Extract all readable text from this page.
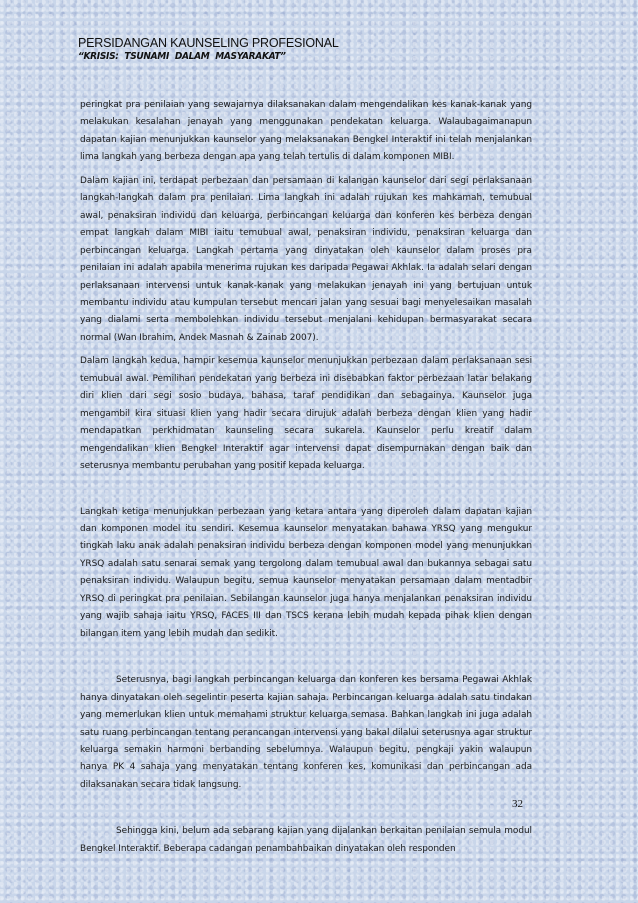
PERSIDANGAN KAUNSELING PROFESIONAL
“KRISIS: TSUNAMI DALAM MASYARAKAT”

peringkat pra penilaian yang sewajarnya dilaksanakan dalam mengendalikan kes kanak-kanak yang melakukan kesalahan jenayah yang menggunakan pendekatan keluarga. Walaubagaimanapun dapatan kajian menunjukkan kaunselor yang melaksanakan Bengkel Interaktif ini telah menjalankan lima langkah yang berbeza dengan apa yang telah tertulis di dalam komponen MIBI.

Dalam kajian ini, terdapat perbezaan dan persamaan di kalangan kaunselor dari segi perlaksanaan langkah-langkah dalam pra penilaian. Lima langkah ini adalah rujukan kes mahkamah, temubual awal, penaksiran individu dan keluarga, perbincangan keluarga dan konferen kes berbeza dengan empat langkah dalam MIBI iaitu temubual awal, penaksiran individu, penaksiran keluarga dan perbincangan keluarga. Langkah pertama yang dinyatakan oleh kaunselor dalam proses pra penilaian ini adalah apabila menerima rujukan kes daripada Pegawai Akhlak. Ia adalah selari dengan perlaksanaan intervensi untuk kanak-kanak yang melakukan jenayah ini yang bertujuan untuk membantu individu atau kumpulan tersebut mencari jalan yang sesuai bagi menyelesaikan masalah yang dialami serta membolehkan individu tersebut menjalani kehidupan bermasyarakat secara normal (Wan Ibrahim, Andek Masnah & Zainab 2007).

Dalam langkah kedua, hampir kesemua kaunselor menunjukkan perbezaan dalam perlaksanaan sesi temubual awal. Pemilihan pendekatan yang berbeza ini disebabkan faktor perbezaan latar belakang diri klien dari segi sosio budaya, bahasa, taraf pendidikan dan sebagainya. Kaunselor juga mengambil kira situasi klien yang hadir secara dirujuk adalah berbeza dengan klien yang hadir mendapatkan perkhidmatan kaunseling secara sukarela. Kaunselor perlu kreatif dalam mengendalikan klien Bengkel Interaktif agar intervensi dapat disempurnakan dengan baik dan seterusnya membantu perubahan yang positif kepada keluarga.

Langkah ketiga menunjukkan perbezaan yang ketara antara yang diperoleh dalam dapatan kajian dan komponen model itu sendiri. Kesemua kaunselor menyatakan bahawa YRSQ yang mengukur tingkah laku anak adalah penaksiran individu berbeza dengan komponen model yang menunjukkan YRSQ adalah satu senarai semak yang tergolong dalam temubual awal dan bukannya sebagai satu penaksiran individu. Walaupun begitu, semua kaunselor menyatakan persamaan dalam mentadbir YRSQ di peringkat pra penilaian. Sebilangan kaunselor juga hanya menjalankan penaksiran individu yang wajib sahaja iaitu YRSQ, FACES III dan TSCS kerana lebih mudah kepada pihak klien dengan bilangan item yang lebih mudah dan sedikit.

Seterusnya, bagi langkah perbincangan keluarga dan konferen kes bersama Pegawai Akhlak hanya dinyatakan oleh segelintir peserta kajian sahaja. Perbincangan keluarga adalah satu tindakan yang memerlukan klien untuk memahami struktur keluarga semasa. Bahkan langkah ini juga adalah satu ruang perbincangan tentang perancangan intervensi yang bakal dilalui seterusnya agar struktur keluarga semakin harmoni berbanding sebelumnya. Walaupun begitu, pengkaji yakin walaupun hanya PK 4 sahaja yang menyatakan tentang konferen kes, komunikasi dan perbincangan ada dilaksanakan secara tidak langsung.

Sehingga kini, belum ada sebarang kajian yang dijalankan berkaitan penilaian semula modul Bengkel Interaktif. Beberapa cadangan penambahbaikan dinyatakan oleh responden

32
